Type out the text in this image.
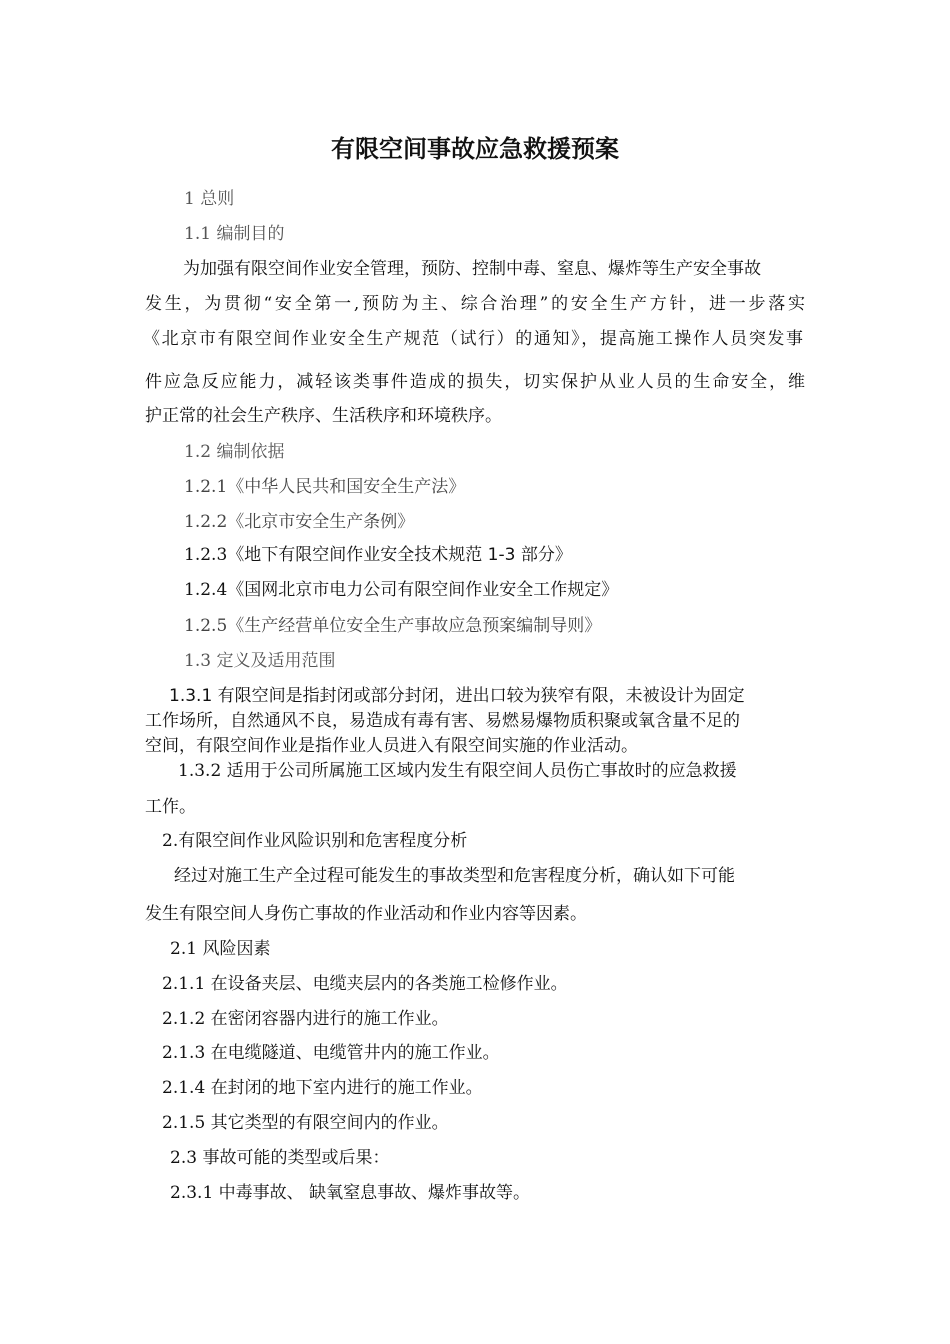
有限空间事故应急救援预案

1 总则

1.1 编制目的

为加强有限空间作业安全管理，预防、控制中毒、窒息、爆炸等生产安全事故

发生，为贯彻“安全第一,预防为主、综合治理”的安全生产方针，进一步落实

《北京市有限空间作业安全生产规范（试行）的通知》，提高施工操作人员突发事

件应急反应能力，减轻该类事件造成的损失，切实保护从业人员的生命安全，维

护正常的社会生产秩序、生活秩序和环境秩序。

1.2 编制依据

1.2.1《中华人民共和国安全生产法》

1.2.2《北京市安全生产条例》

1.2.3《地下有限空间作业安全技术规范 1-3 部分》

1.2.4《国网北京市电力公司有限空间作业安全工作规定》

1.2.5《生产经营单位安全生产事故应急预案编制导则》

1.3 定义及适用范围

1.3.1 有限空间是指封闭或部分封闭，进出口较为狭窄有限，未被设计为固定

工作场所，自然通风不良，易造成有毒有害、易燃易爆物质积聚或氧含量不足的

空间，有限空间作业是指作业人员进入有限空间实施的作业活动。

1.3.2 适用于公司所属施工区域内发生有限空间人员伤亡事故时的应急救援

工作。

2.有限空间作业风险识别和危害程度分析

经过对施工生产全过程可能发生的事故类型和危害程度分析，确认如下可能

发生有限空间人身伤亡事故的作业活动和作业内容等因素。

2.1 风险因素

2.1.1 在设备夹层、电缆夹层内的各类施工检修作业。

2.1.2 在密闭容器内进行的施工作业。

2.1.3 在电缆隧道、电缆管井内的施工作业。

2.1.4 在封闭的地下室内进行的施工作业。

2.1.5 其它类型的有限空间内的作业。

2.3 事故可能的类型或后果：

2.3.1 中毒事故、 缺氧窒息事故、爆炸事故等。
